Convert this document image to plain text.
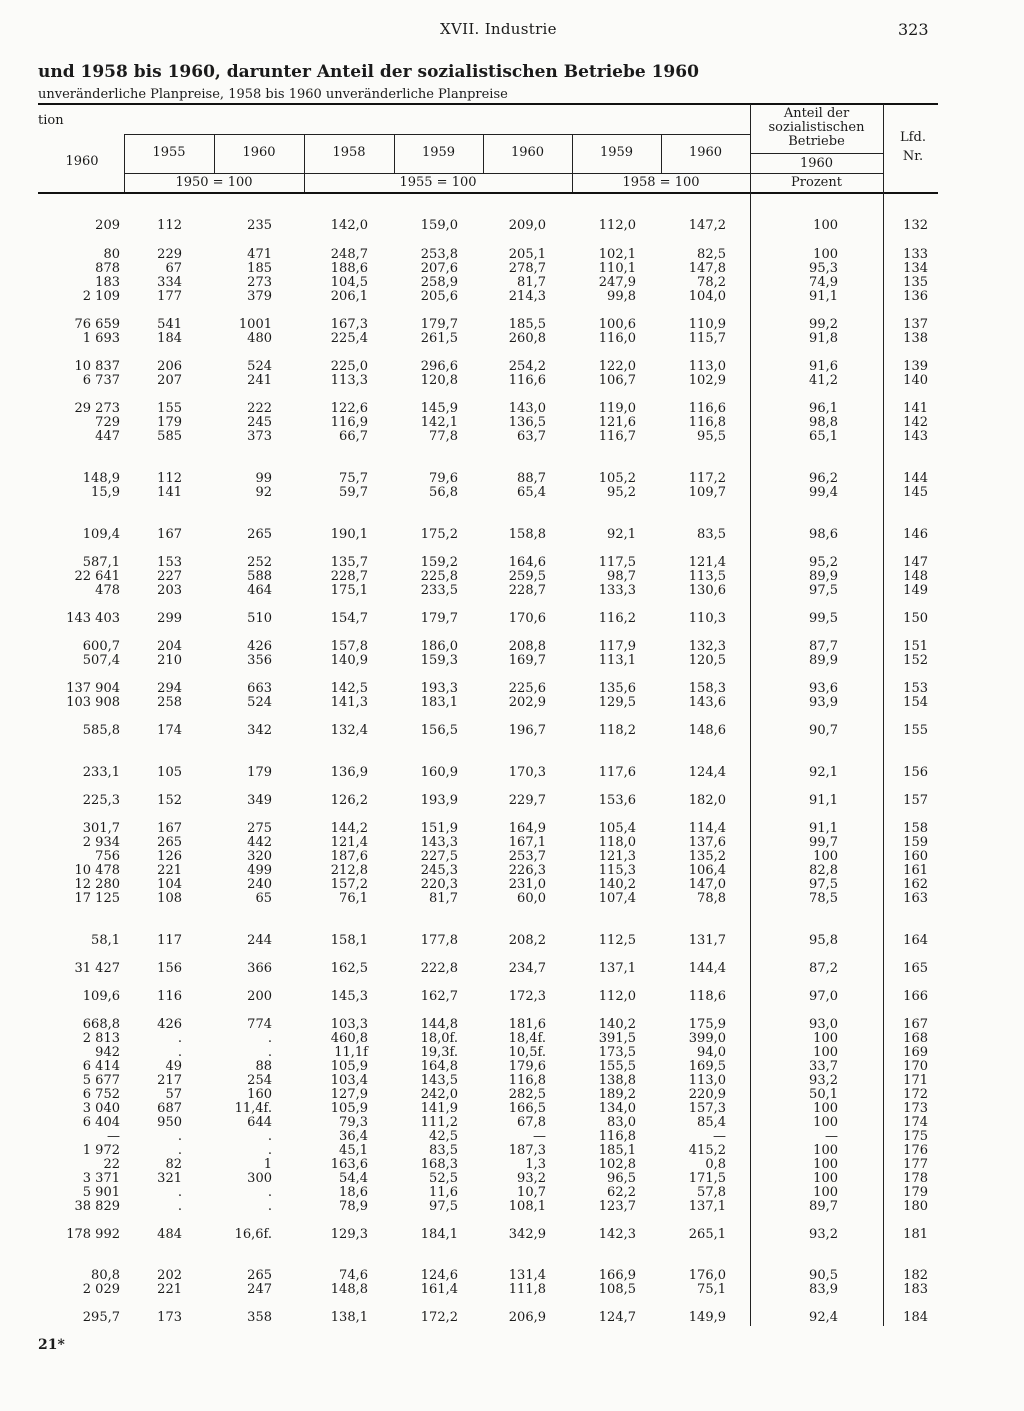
XVII. Industrie	323
und 1958 bis 1960, darunter Anteil der sozialistischen Betriebe 1960
unveränderliche Planpreise, 1958 bis 1960 unveränderliche Planpreise
tion
1960
1955	1960	1958	1959	1960	1959	1960
Anteil der
sozialistischen
Betriebe
1960
Prozent
Lfd.
Nr.
1950 = 100	1955 = 100	1958 = 100
209	112	235	142,0	159,0	209,0	112,0	147,2	100	132
80	229	471	248,7	253,8	205,1	102,1	82,5	100	133
878	67	185	188,6	207,6	278,7	110,1	147,8	95,3	134
183	334	273	104,5	258,9	81,7	247,9	78,2	74,9	135
2 109	177	379	206,1	205,6	214,3	99,8	104,0	91,1	136
76 659	541	1001	167,3	179,7	185,5	100,6	110,9	99,2	137
1 693	184	480	225,4	261,5	260,8	116,0	115,7	91,8	138
10 837	206	524	225,0	296,6	254,2	122,0	113,0	91,6	139
6 737	207	241	113,3	120,8	116,6	106,7	102,9	41,2	140
29 273	155	222	122,6	145,9	143,0	119,0	116,6	96,1	141
729	179	245	116,9	142,1	136,5	121,6	116,8	98,8	142
447	585	373	66,7	77,8	63,7	116,7	95,5	65,1	143
148,9	112	99	75,7	79,6	88,7	105,2	117,2	96,2	144
15,9	141	92	59,7	56,8	65,4	95,2	109,7	99,4	145
109,4	167	265	190,1	175,2	158,8	92,1	83,5	98,6	146
587,1	153	252	135,7	159,2	164,6	117,5	121,4	95,2	147
22 641	227	588	228,7	225,8	259,5	98,7	113,5	89,9	148
478	203	464	175,1	233,5	228,7	133,3	130,6	97,5	149
143 403	299	510	154,7	179,7	170,6	116,2	110,3	99,5	150
600,7	204	426	157,8	186,0	208,8	117,9	132,3	87,7	151
507,4	210	356	140,9	159,3	169,7	113,1	120,5	89,9	152
137 904	294	663	142,5	193,3	225,6	135,6	158,3	93,6	153
103 908	258	524	141,3	183,1	202,9	129,5	143,6	93,9	154
585,8	174	342	132,4	156,5	196,7	118,2	148,6	90,7	155
233,1	105	179	136,9	160,9	170,3	117,6	124,4	92,1	156
225,3	152	349	126,2	193,9	229,7	153,6	182,0	91,1	157
301,7	167	275	144,2	151,9	164,9	105,4	114,4	91,1	158
2 934	265	442	121,4	143,3	167,1	118,0	137,6	99,7	159
756	126	320	187,6	227,5	253,7	121,3	135,2	100	160
10 478	221	499	212,8	245,3	226,3	115,3	106,4	82,8	161
12 280	104	240	157,2	220,3	231,0	140,2	147,0	97,5	162
17 125	108	65	76,1	81,7	60,0	107,4	78,8	78,5	163
58,1	117	244	158,1	177,8	208,2	112,5	131,7	95,8	164
31 427	156	366	162,5	222,8	234,7	137,1	144,4	87,2	165
109,6	116	200	145,3	162,7	172,3	112,0	118,6	97,0	166
668,8	426	774	103,3	144,8	181,6	140,2	175,9	93,0	167
2 813	.	.	460,8	18,0f.	18,4f.	391,5	399,0	100	168
942	.	.	11,1f	19,3f.	10,5f.	173,5	94,0	100	169
6 414	49	88	105,9	164,8	179,6	155,5	169,5	33,7	170
5 677	217	254	103,4	143,5	116,8	138,8	113,0	93,2	171
6 752	57	160	127,9	242,0	282,5	189,2	220,9	50,1	172
3 040	687	11,4f.	105,9	141,9	166,5	134,0	157,3	100	173
6 404	950	644	79,3	111,2	67,8	83,0	85,4	100	174
—	.	.	36,4	42,5	—	116,8	—	—	175
1 972	.	.	45,1	83,5	187,3	185,1	415,2	100	176
22	82	1	163,6	168,3	1,3	102,8	0,8	100	177
3 371	321	300	54,4	52,5	93,2	96,5	171,5	100	178
5 901	.	.	18,6	11,6	10,7	62,2	57,8	100	179
38 829	.	.	78,9	97,5	108,1	123,7	137,1	89,7	180
178 992	484	16,6f.	129,3	184,1	342,9	142,3	265,1	93,2	181
80,8	202	265	74,6	124,6	131,4	166,9	176,0	90,5	182
2 029	221	247	148,8	161,4	111,8	108,5	75,1	83,9	183
295,7	173	358	138,1	172,2	206,9	124,7	149,9	92,4	184
21*
